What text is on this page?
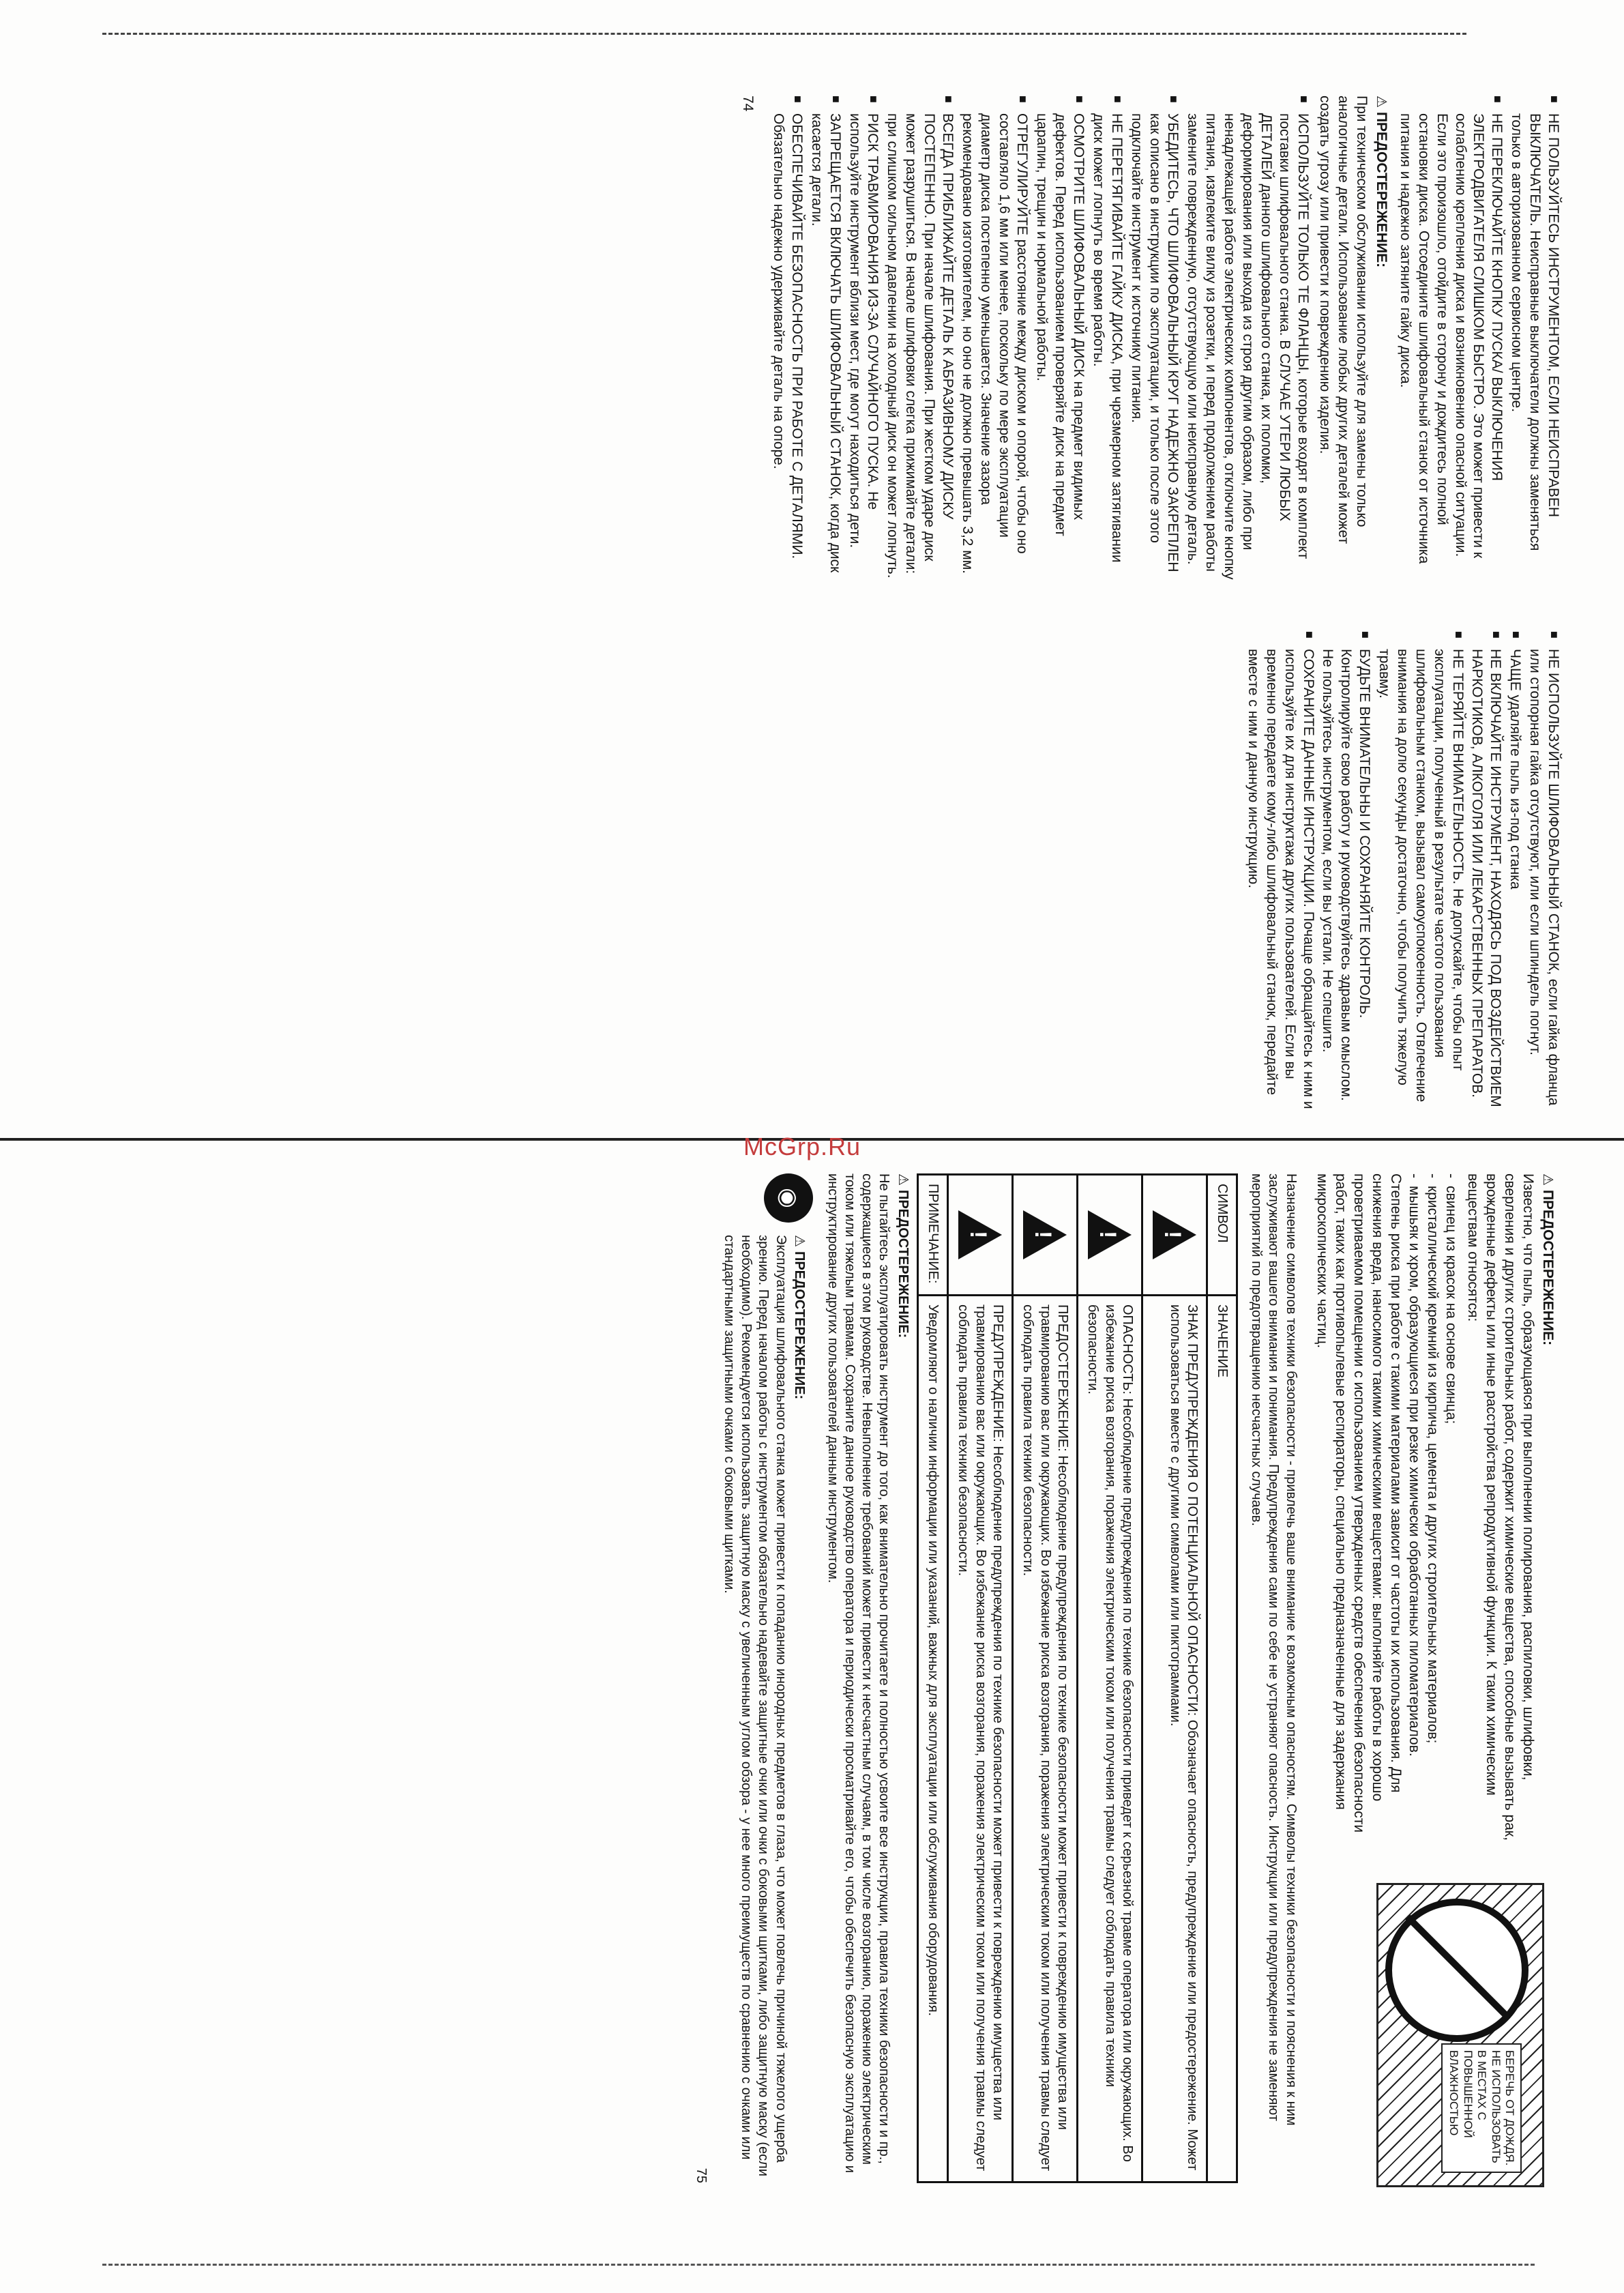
McGrp.Ru
■ НЕ ПОЛЬЗУЙТЕСЬ ИНСТРУМЕНТОМ, ЕСЛИ НЕИСПРАВЕН ВЫКЛЮЧАТЕЛЬ. Неисправные выключатели должны заменяться только в авторизованном сервисном центре.
■ НЕ ПЕРЕКЛЮЧАЙТЕ КНОПКУ ПУСКА/ ВЫКЛЮЧЕНИЯ ЭЛЕКТРОДВИГАТЕЛЯ СЛИШКОМ БЫСТРО. Это может привести к ослаблению крепления диска и возникновению опасной ситуации. Если это произошло, отойдите в сторону и дождитесь полной остановки диска. Отсоедините шлифовальный станок от источника питания и надежно затяните гайку диска.
⚠ПРЕДОСТЕРЕЖЕНИЕ:

При техническом обслуживании используйте для замены только аналогичные детали. Использование любых других деталей может создать угрозу или привести к повреждению изделия.

■ ИСПОЛЬЗУЙТЕ ТОЛЬКО ТЕ ФЛАНЦЫ, которые входят в комплект поставки шлифовального станка. В СЛУЧАЕ УТЕРИ ЛЮБЫХ ДЕТАЛЕЙ данного шлифовального станка, их поломки, деформирования или выхода из строя другим образом, либо при ненадлежащей работе электрических компонентов, отключите кнопку питания, извлеките вилку из розетки, и перед продолжением работы замените поврежденную, отсутствующую или неисправную деталь.
■ УБЕДИТЕСЬ, ЧТО ШЛИФОВАЛЬНЫЙ КРУГ НАДЕЖНО ЗАКРЕПЛЕН как описано в инструкции по эксплуатации, и только после этого подключайте инструмент к источнику питания.
■ НЕ ПЕРЕТЯГИВАЙТЕ ГАЙКУ ДИСКА, при чрезмерном затягивании диск может лопнуть во время работы.
■ ОСМОТРИТЕ ШЛИФОВАЛЬНЫЙ ДИСК на предмет видимых дефектов. Перед использованием проверяйте диск на предмет царапин, трещин и нормальной работы.
■ ОТРЕГУЛИРУЙТЕ расстояние между диском и опорой, чтобы оно составляло 1,6 мм или менее, поскольку по мере эксплуатации диаметр диска постепенно уменьшается. Значение зазора рекомендовано изготовителем, но оно не должно превышать 3,2 мм.
■ ВСЕГДА ПРИБЛИЖАЙТЕ ДЕТАЛЬ К АБРАЗИВНОМУ ДИСКУ ПОСТЕПЕННО. При начале шлифования. При жестком ударе диск может разрушиться. В начале шлифовки слегка прижимайте детали: при слишком сильном давлении на холодный диск он может лопнуть.
■ РИСК ТРАВМИРОВАНИЯ ИЗ-ЗА СЛУЧАЙНОГО ПУСКА. Не используйте инструмент вблизи мест, где могут находиться дети.
■ ЗАПРЕЩАЕТСЯ ВКЛЮЧАТЬ ШЛИФОВАЛЬНЫЙ СТАНОК, когда диск касается детали.
■ ОБЕСПЕЧИВАЙТЕ БЕЗОПАСНОСТЬ ПРИ РАБОТЕ С ДЕТАЛЯМИ. Обязательно надежно удерживайте деталь на опоре.
74
■ НЕ ИСПОЛЬЗУЙТЕ ШЛИФОВАЛЬНЫЙ СТАНОК, если гайка фланца или стопорная гайка отсутствуют, или если шпиндель погнут.
■ ЧАЩЕ удаляйте пыль из-под станка
■ НЕ ВКЛЮЧАЙТЕ ИНСТРУМЕНТ, НАХОДЯСЬ ПОД ВОЗДЕЙСТВИЕМ НАРКОТИКОВ, АЛКОГОЛЯ ИЛИ ЛЕКАРСТВЕННЫХ ПРЕПАРАТОВ.
■ НЕ ТЕРЯЙТЕ ВНИМАТЕЛЬНОСТЬ. Не допускайте, чтобы опыт эксплуатации, полученный в результате частого пользования шлифовальным станком, вызывал самоуспокоенность. Отвлечение внимания на долю секунды достаточно, чтобы получить тяжелую травму.
■ БУДЬТЕ ВНИМАТЕЛЬНЫ И СОХРАНЯЙТЕ КОНТРОЛЬ. Контролируйте свою работу и руководствуйтесь здравым смыслом. Не пользуйтесь инструментом, если вы устали. Не спешите.
■ СОХРАНИТЕ ДАННЫЕ ИНСТРУКЦИИ. Почаще обращайтесь к ним и используйте их для инструктажа других пользователей. Если вы временно передаете кому-либо шлифовальный станок, передайте вместе с ним и данную инструкцию.
⚠ПРЕДОСТЕРЕЖЕНИЕ:

Известно, что пыль, образующаяся при выполнении полирования, распиловки, шлифовки, сверления и других строительных работ, содержит химические вещества, способные вызывать рак, врожденные дефекты или иные расстройства репродуктивной функции. К таким химическим веществам относятся:

- свинец из красок на основе свинца;
- кристаллический кремний из кирпича, цемента и других строительных материалов;
- мышьяк и хром, образующиеся при резке химически обработанных пиломатериалов.

Степень риска при работе с такими материалами зависит от частоты их использования. Для снижения вреда, наносимого такими химическими веществами: выполняйте работы в хорошо проветриваемом помещении с использованием утвержденных средств обеспечения безопасности работ, таких как противопылевые респираторы, специально предназначенные для задержания микроскопических частиц.

БЕРЕЧЬ ОТ ДОЖДЯ. НЕ ИСПОЛЬЗОВАТЬ В МЕСТАХ С ПОВЫШЕННОЙ ВЛАЖНОСТЬЮ

Назначение символов техники безопасности - привлечь ваше внимание к возможным опасностям. Символы техники безопасности и пояснения к ним заслуживают вашего внимания и понимания. Предупреждения сами по себе не устраняют опасность. Инструкции или предупреждения не заменяют мероприятий по предотвращению несчастных случаев.

СИМВОЛ	ЗНАЧЕНИЕ

!
	ЗНАК ПРЕДУПРЕЖДЕНИЯ О ПОТЕНЦИАЛЬНОЙ ОПАСНОСТИ: Обозначает опасность, предупреждение или предостережение. Может использоваться вместе с другими символами или пиктограммами.

!
	ОПАСНОСТЬ: Несоблюдение предупреждения по технике безопасности приведет к серьезной травме оператора или окружающих. Во избежание риска возгорания, поражения электрическим током или получения травмы следует соблюдать правила техники безопасности.

!
	ПРЕДОСТЕРЕЖЕНИЕ: Несоблюдение предупреждения по технике безопасности может привести к повреждению имущества или травмированию вас или окружающих. Во избежание риска возгорания, поражения электрическим током или получения травмы следует соблюдать правила техники безопасности.

!
	ПРЕДУПРЕЖДЕНИЕ: Несоблюдение предупреждения по технике безопасности может привести к повреждению имущества или травмированию вас или окружающих. Во избежание риска возгорания, поражения электрическим током или получения травмы следует соблюдать правила техники безопасности.
ПРИМЕЧАНИЕ:	Уведомляют о наличии информации или указаний, важных для эксплуатации или обслуживания оборудования.
⚠ПРЕДОСТЕРЕЖЕНИЕ:

Не пытайтесь эксплуатировать инструмент до того, как внимательно прочитаете и полностью усвоите все инструкции, правила техники безопасности и пр., содержащиеся в этом руководстве. Невыполнение требований может привести к несчастным случаям, в том числе возгоранию, поражению электрическим током или тяжелым травмам. Сохраните данное руководство оператора и периодически просматривайте его, чтобы обеспечить безопасную эксплуатацию и инструктирование других пользователей данным инструментом.

◉
⚠ПРЕДОСТЕРЕЖЕНИЕ:

Эксплуатация шлифовального станка может привести к попаданию инородных предметов в глаза, что может повлечь причиной тяжелого ущерба зрению. Перед началом работы с инструментом обязательно надевайте защитные очки или очки с боковыми щитками, либо защитную маску (если необходимо). Рекомендуется использовать защитную маску с увеличенным углом обзора - у нее много преимуществ по сравнению с очками или стандартными защитными очками с боковыми щитками.

75
